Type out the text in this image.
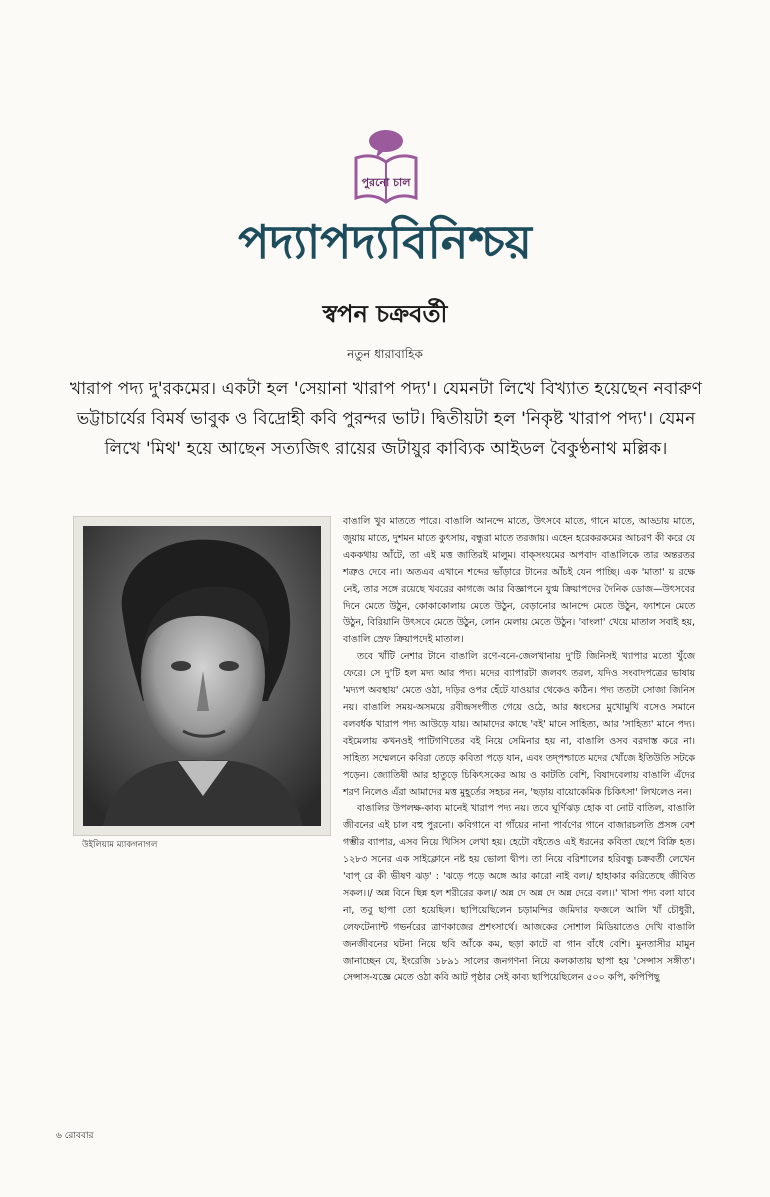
পুরনো চাল
পদ্যাপদ্যবিনিশ্চয়
স্বপন চক্রবর্তী
নতুন ধারাবাহিক
খারাপ পদ্য দু'রকমের। একটা হল 'সেয়ানা খারাপ পদ্য'। যেমনটা লিখে বিখ্যাত হয়েছেন নবারুণ ভট্টাচার্যের বিমর্ষ ভাবুক ও বিদ্রোহী কবি পুরন্দর ভাট। দ্বিতীয়টা হল 'নিকৃষ্ট খারাপ পদ্য'। যেমন লিখে 'মিথ' হয়ে আছেন সত্যজিৎ রায়ের জটায়ুর কাব্যিক আইডল বৈকুণ্ঠনাথ মল্লিক।
উইলিয়াম ম্যাকগনাগল

বাঙালি খুব মাততে পারে। বাঙালি আনন্দে মাতে, উৎসবে মাতে, গানে মাতে, আড্ডায় মাতে, জুয়ায় মাতে, দুশমন মাতে কুৎসায়, বন্ধুরা মাতে তরজায়। এহেন হরেকরকমের আচরণ কী করে যে এককথায় আঁটে, তা এই মত্ত জাতিরই মালুম। বাক্‌সংযমের অপবাদ বাঙালিকে তার অন্তরতর শত্রুও দেবে না। অতএব এখানে শব্দের ভাঁড়ারে টানের আঁচই যেন পাচ্ছি। এক 'মাতা' য় রক্ষে নেই, তার সঙ্গে রয়েছে খবরের কাগজে আর বিজ্ঞাপনে যুগ্ম ক্রিয়াপদের দৈনিক ডোজ—উৎসবের দিনে মেতে উঠুন, কোকাকোলায় মেতে উঠুন, বেড়ানোর আনন্দে মেতে উঠুন, ফ্যাশনে মেতে উঠুন, বিরিয়ানি উৎসবে মেতে উঠুন, লোন মেলায় মেতে উঠুন। 'বাংলা' খেয়ে মাতাল সবাই হয়, বাঙালি স্রেফ ক্রিয়াপদেই মাতাল।

তবে খাঁটি নেশার টানে বাঙালি রণে-বনে-জেলখানায় দু'টি জিনিসই খ্যাপার মতো খুঁজে ফেরে। সে দু'টি হল মদ্য আর পদ্য। মদের ব্যাপারটা জলবৎ তরল, যদিও সংবাদপত্রের ভাষায় 'মদ্যপ অবস্থায়' মেতে ওঠা, দড়ির ওপর হেঁটে যাওয়ার থেকেও কঠিন। পদ্য ততটা সোজা জিনিস নয়। বাঙালি সময়-অসময়ে রবীন্দ্রসংগীত গেয়ে ওঠে, আর ধ্বংসের মুখোমুখি বসেও সমানে বলবর্ধক খারাপ পদ্য আউড়ে যায়। আমাদের কাছে 'বই' মানে সাহিত্য, আর 'সাহিত্য' মানে পদ্য। বইমেলায় কখনওই পাটিগণিতের বই নিয়ে সেমিনার হয় না, বাঙালি ওসব বরদাস্ত করে না। সাহিত্য সম্মেলনে কবিরা তেড়ে কবিতা পড়ে যান, এবং তদ্‌পশ্চাতে মদের খোঁজে ইতিউতি সটকে পড়েন। জ্যোতিষী আর হাতুড়ে চিকিৎসকের আয় ও কাটতি বেশি, বিষাদবেলায় বাঙালি এঁদের শরণ নিলেও এঁরা আমাদের মত্ত মুহূর্তের সহচর নন, 'ছড়ায় বায়োকেমিক চিকিৎসা' লিখলেও নন।

বাঙালির উপলক্ষ-কাব্য মানেই খারাপ পদ্য নয়। তবে ঘূর্ণিঝড় হোক বা নোট বাতিল, বাঙালি জীবনের এই চাল বহু পুরনো। কবিগানে বা গাঁয়ের নানা পার্বণের গানে বাজারচলতি প্রসঙ্গ বেশ গম্ভীর ব্যাপার, এসব নিয়ে থিসিস লেখা হয়। হেটো বইতেও এই ধরনের কবিতা ছেপে বিক্রি হত। ১২৮৩ সনের এক সাইক্লোনে নষ্ট হয় ভোলা দ্বীপ। তা নিয়ে বরিশালের হরিবন্ধু চক্রবর্তী লেখেন 'বাপ্ রে কী ভীষণ ঝড়' : 'ঝড়ে পড়ে অঙ্গে আর কারো নাই বল।/ হাহাকার করিতেছে জীবিত সকল।।/ অন্ন বিনে ছিন্ন হল শরীরের কল।/ অন্ন দে অন্ন দে অন্ন দেরে বল।।' খাসা পদ্য বলা যাবে না, তবু ছাপা তো হয়েছিল। ছাপিয়েছিলেন চড়ামন্দির জমিদার ফজলে আলি খাঁ চৌধুরী, লেফটেন্যান্ট গভর্নরের ত্রাণকাজের প্রশংসার্থে। আজকের সোশাল মিডিয়াতেও দেখি বাঙালি জনজীবনের ঘটনা নিয়ে ছবি আঁকে কম, ছড়া কাটে বা গান বাঁধে বেশি। মুনতাসীর মামুন জানাচ্ছেন যে, ইংরেজি ১৮৯১ সালের জনগণনা নিয়ে কলকাতায় ছাপা হয় 'সেন্সাস সঙ্গীত'। সেন্সাস-যজ্ঞে মেতে ওঠা কবি আট পৃষ্ঠার সেই কাব্য ছাপিয়েছিলেন ৫০০ কপি, কপিপিছু

৬ রোববার
